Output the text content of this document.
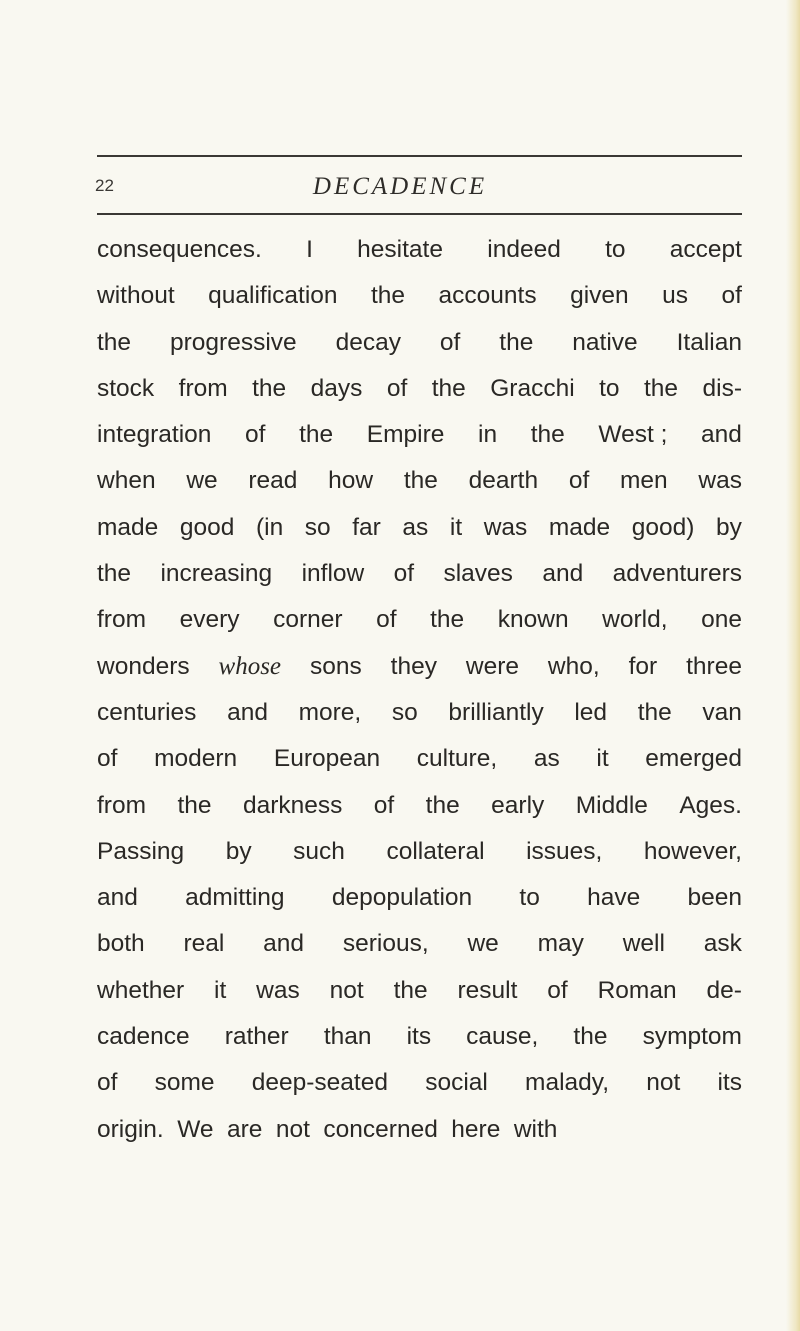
22	DECADENCE

consequences. I hesitate indeed to accept
without qualification the accounts given us of
the progressive decay of the native Italian
stock from the days of the Gracchi to the dis-
integration of the Empire in the West ; and
when we read how the dearth of men was
made good (in so far as it was made good) by
the increasing inflow of slaves and adventurers
from every corner of the known world, one
wonders whose sons they were who, for three
centuries and more, so brilliantly led the van
of modern European culture, as it emerged
from the darkness of the early Middle Ages.
Passing by such collateral issues, however,
and admitting depopulation to have been
both real and serious, we may well ask
whether it was not the result of Roman de-
cadence rather than its cause, the symptom
of some deep-seated social malady, not its
origin. We are not concerned here with
